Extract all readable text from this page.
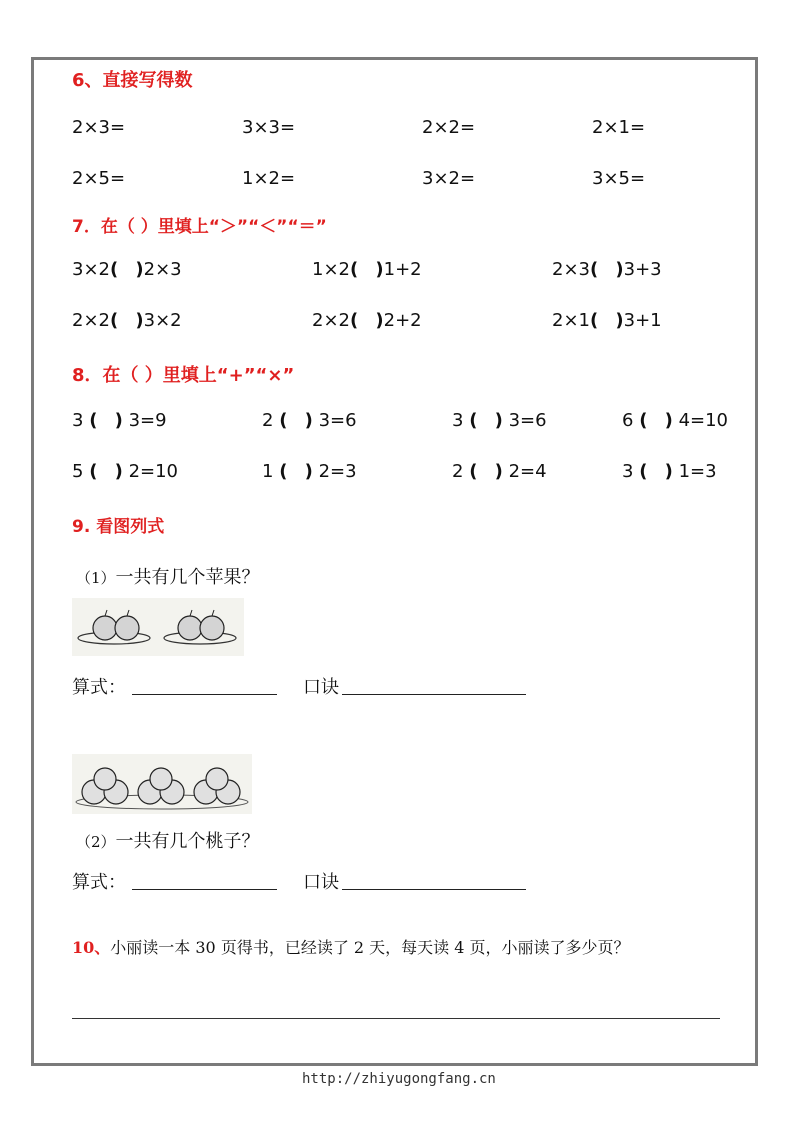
6、直接写得数
2×3=	3×3=	2×2=	2×1=
2×5=	1×2=	3×2=	3×5=
7．在（ ）里填上“＞”“＜”“＝”
3×2( )2×3	1×2( )1+2	2×3( )3+3
2×2( )3×2	2×2( )2+2	2×1( )3+1
8．在（ ）里填上“+”“×”
3 ( ) 3=9	2 ( ) 3=6	3 ( ) 3=6	6 ( ) 4=10
5 ( ) 2=10	1 ( ) 2=3	2 ( ) 2=4	3 ( ) 1=3
9. 看图列式
（1）一共有几个苹果？
算式：	口诀
（2）一共有几个桃子？
算式：	口诀
10、小丽读一本 30 页得书，已经读了 2 天，每天读 4 页，小丽读了多少页？
http://zhiyugongfang.cn
